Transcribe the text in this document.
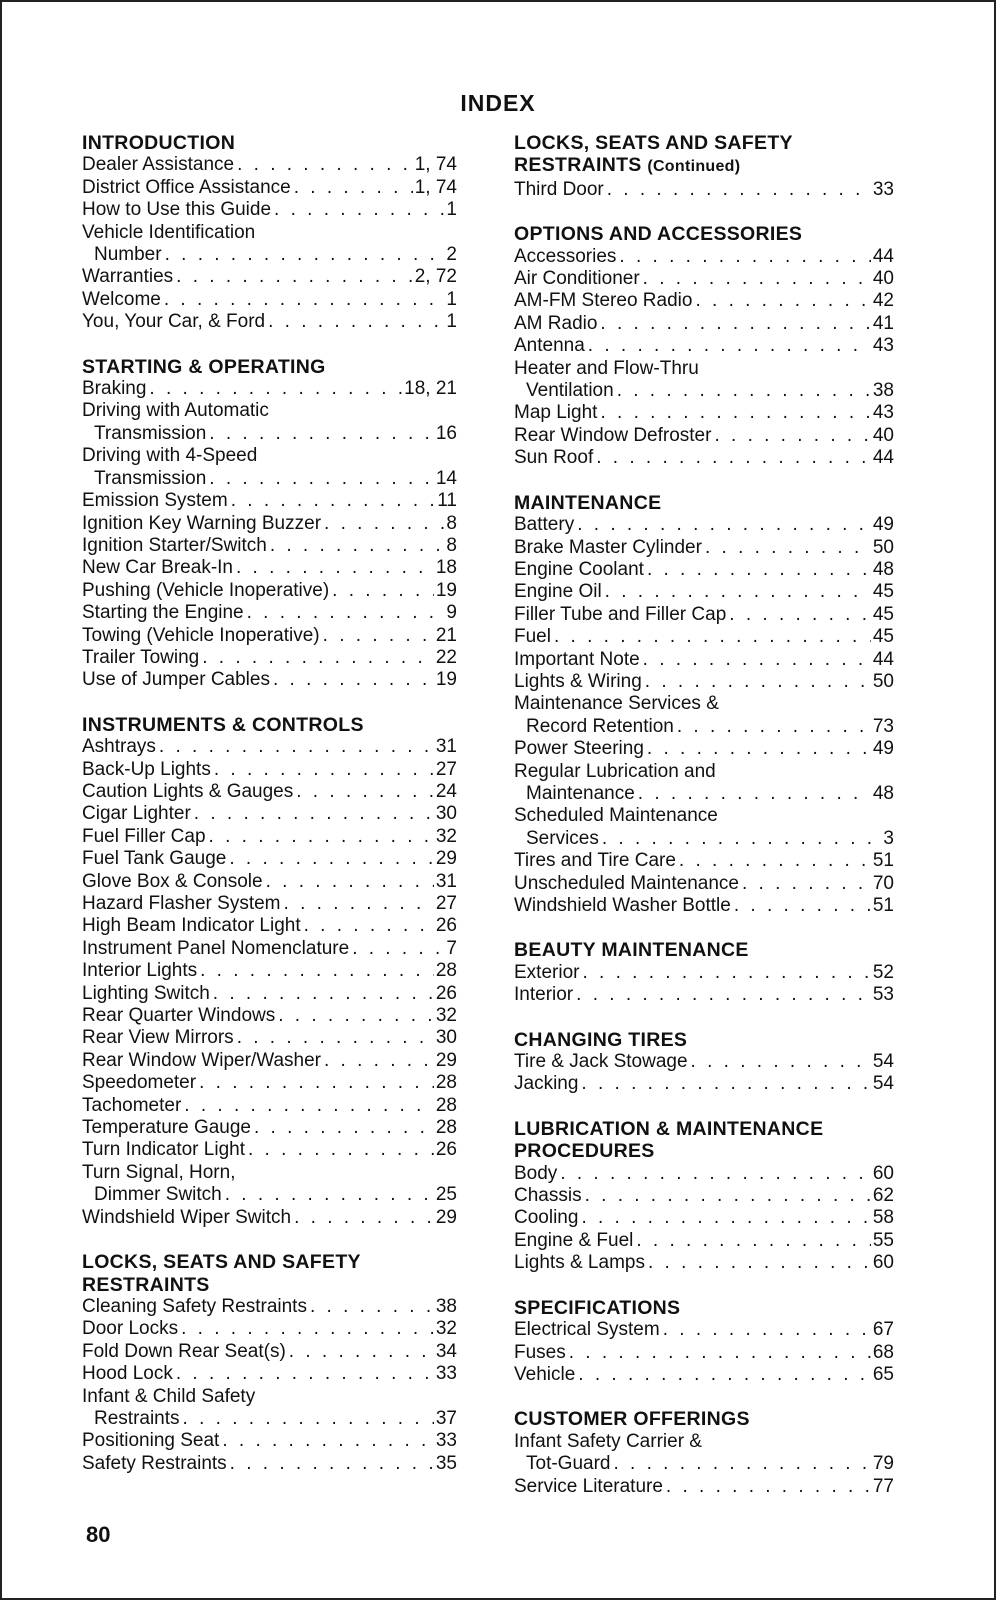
INDEX
INTRODUCTION
Dealer Assistance . . .	1, 74
District Office Assistance . . .	1, 74
How to Use this Guide . . .	1
Vehicle Identification
Number . . .	2
Warranties . . .	2, 72
Welcome . . .	1
You, Your Car, & Ford . . .	1
STARTING & OPERATING
Braking . . .	18, 21
Driving with Automatic
Transmission . . .	16
Driving with 4-Speed
Transmission . . .	14
Emission System . . .	11
Ignition Key Warning Buzzer . . .	8
Ignition Starter/Switch . . .	8
New Car Break-In . . .	18
Pushing (Vehicle Inoperative) . . .	19
Starting the Engine . . .	9
Towing (Vehicle Inoperative) . . .	21
Trailer Towing . . .	22
Use of Jumper Cables . . .	19
INSTRUMENTS & CONTROLS
Ashtrays . . .	31
Back-Up Lights . . .	27
Caution Lights & Gauges . . .	24
Cigar Lighter . . .	30
Fuel Filler Cap . . .	32
Fuel Tank Gauge . . .	29
Glove Box & Console . . .	31
Hazard Flasher System . . .	27
High Beam Indicator Light . . .	26
Instrument Panel Nomenclature . . .	7
Interior Lights . . .	28
Lighting Switch . . .	26
Rear Quarter Windows . . .	32
Rear View Mirrors . . .	30
Rear Window Wiper/Washer . . .	29
Speedometer . . .	28
Tachometer . . .	28
Temperature Gauge . . .	28
Turn Indicator Light . . .	26
Turn Signal, Horn,
Dimmer Switch . . .	25
Windshield Wiper Switch . . .	29
LOCKS, SEATS AND SAFETY
RESTRAINTS
Cleaning Safety Restraints . . .	38
Door Locks . . .	32
Fold Down Rear Seat(s) . . .	34
Hood Lock . . .	33
Infant & Child Safety
Restraints . . .	37
Positioning Seat . . .	33
Safety Restraints . . .	35
LOCKS, SEATS AND SAFETY
RESTRAINTS (Continued)
Third Door . . .	33
OPTIONS AND ACCESSORIES
Accessories . . .	44
Air Conditioner . . .	40
AM-FM Stereo Radio . . .	42
AM Radio . . .	41
Antenna . . .	43
Heater and Flow-Thru
Ventilation . . .	38
Map Light . . .	43
Rear Window Defroster . . .	40
Sun Roof . . .	44
MAINTENANCE
Battery . . .	49
Brake Master Cylinder . . .	50
Engine Coolant . . .	48
Engine Oil . . .	45
Filler Tube and Filler Cap . . .	45
Fuel . . .	45
Important Note . . .	44
Lights & Wiring . . .	50
Maintenance Services &
Record Retention . . .	73
Power Steering . . .	49
Regular Lubrication and
Maintenance . . .	48
Scheduled Maintenance
Services . . .	3
Tires and Tire Care . . .	51
Unscheduled Maintenance . . .	70
Windshield Washer Bottle . . .	51
BEAUTY MAINTENANCE
Exterior . . .	52
Interior . . .	53
CHANGING TIRES
Tire & Jack Stowage . . .	54
Jacking . . .	54
LUBRICATION & MAINTENANCE
PROCEDURES
Body . . .	60
Chassis . . .	62
Cooling . . .	58
Engine & Fuel . . .	55
Lights & Lamps . . .	60
SPECIFICATIONS
Electrical System . . .	67
Fuses . . .	68
Vehicle . . .	65
CUSTOMER OFFERINGS
Infant Safety Carrier &
Tot-Guard . . .	79
Service Literature . . .	77
80
